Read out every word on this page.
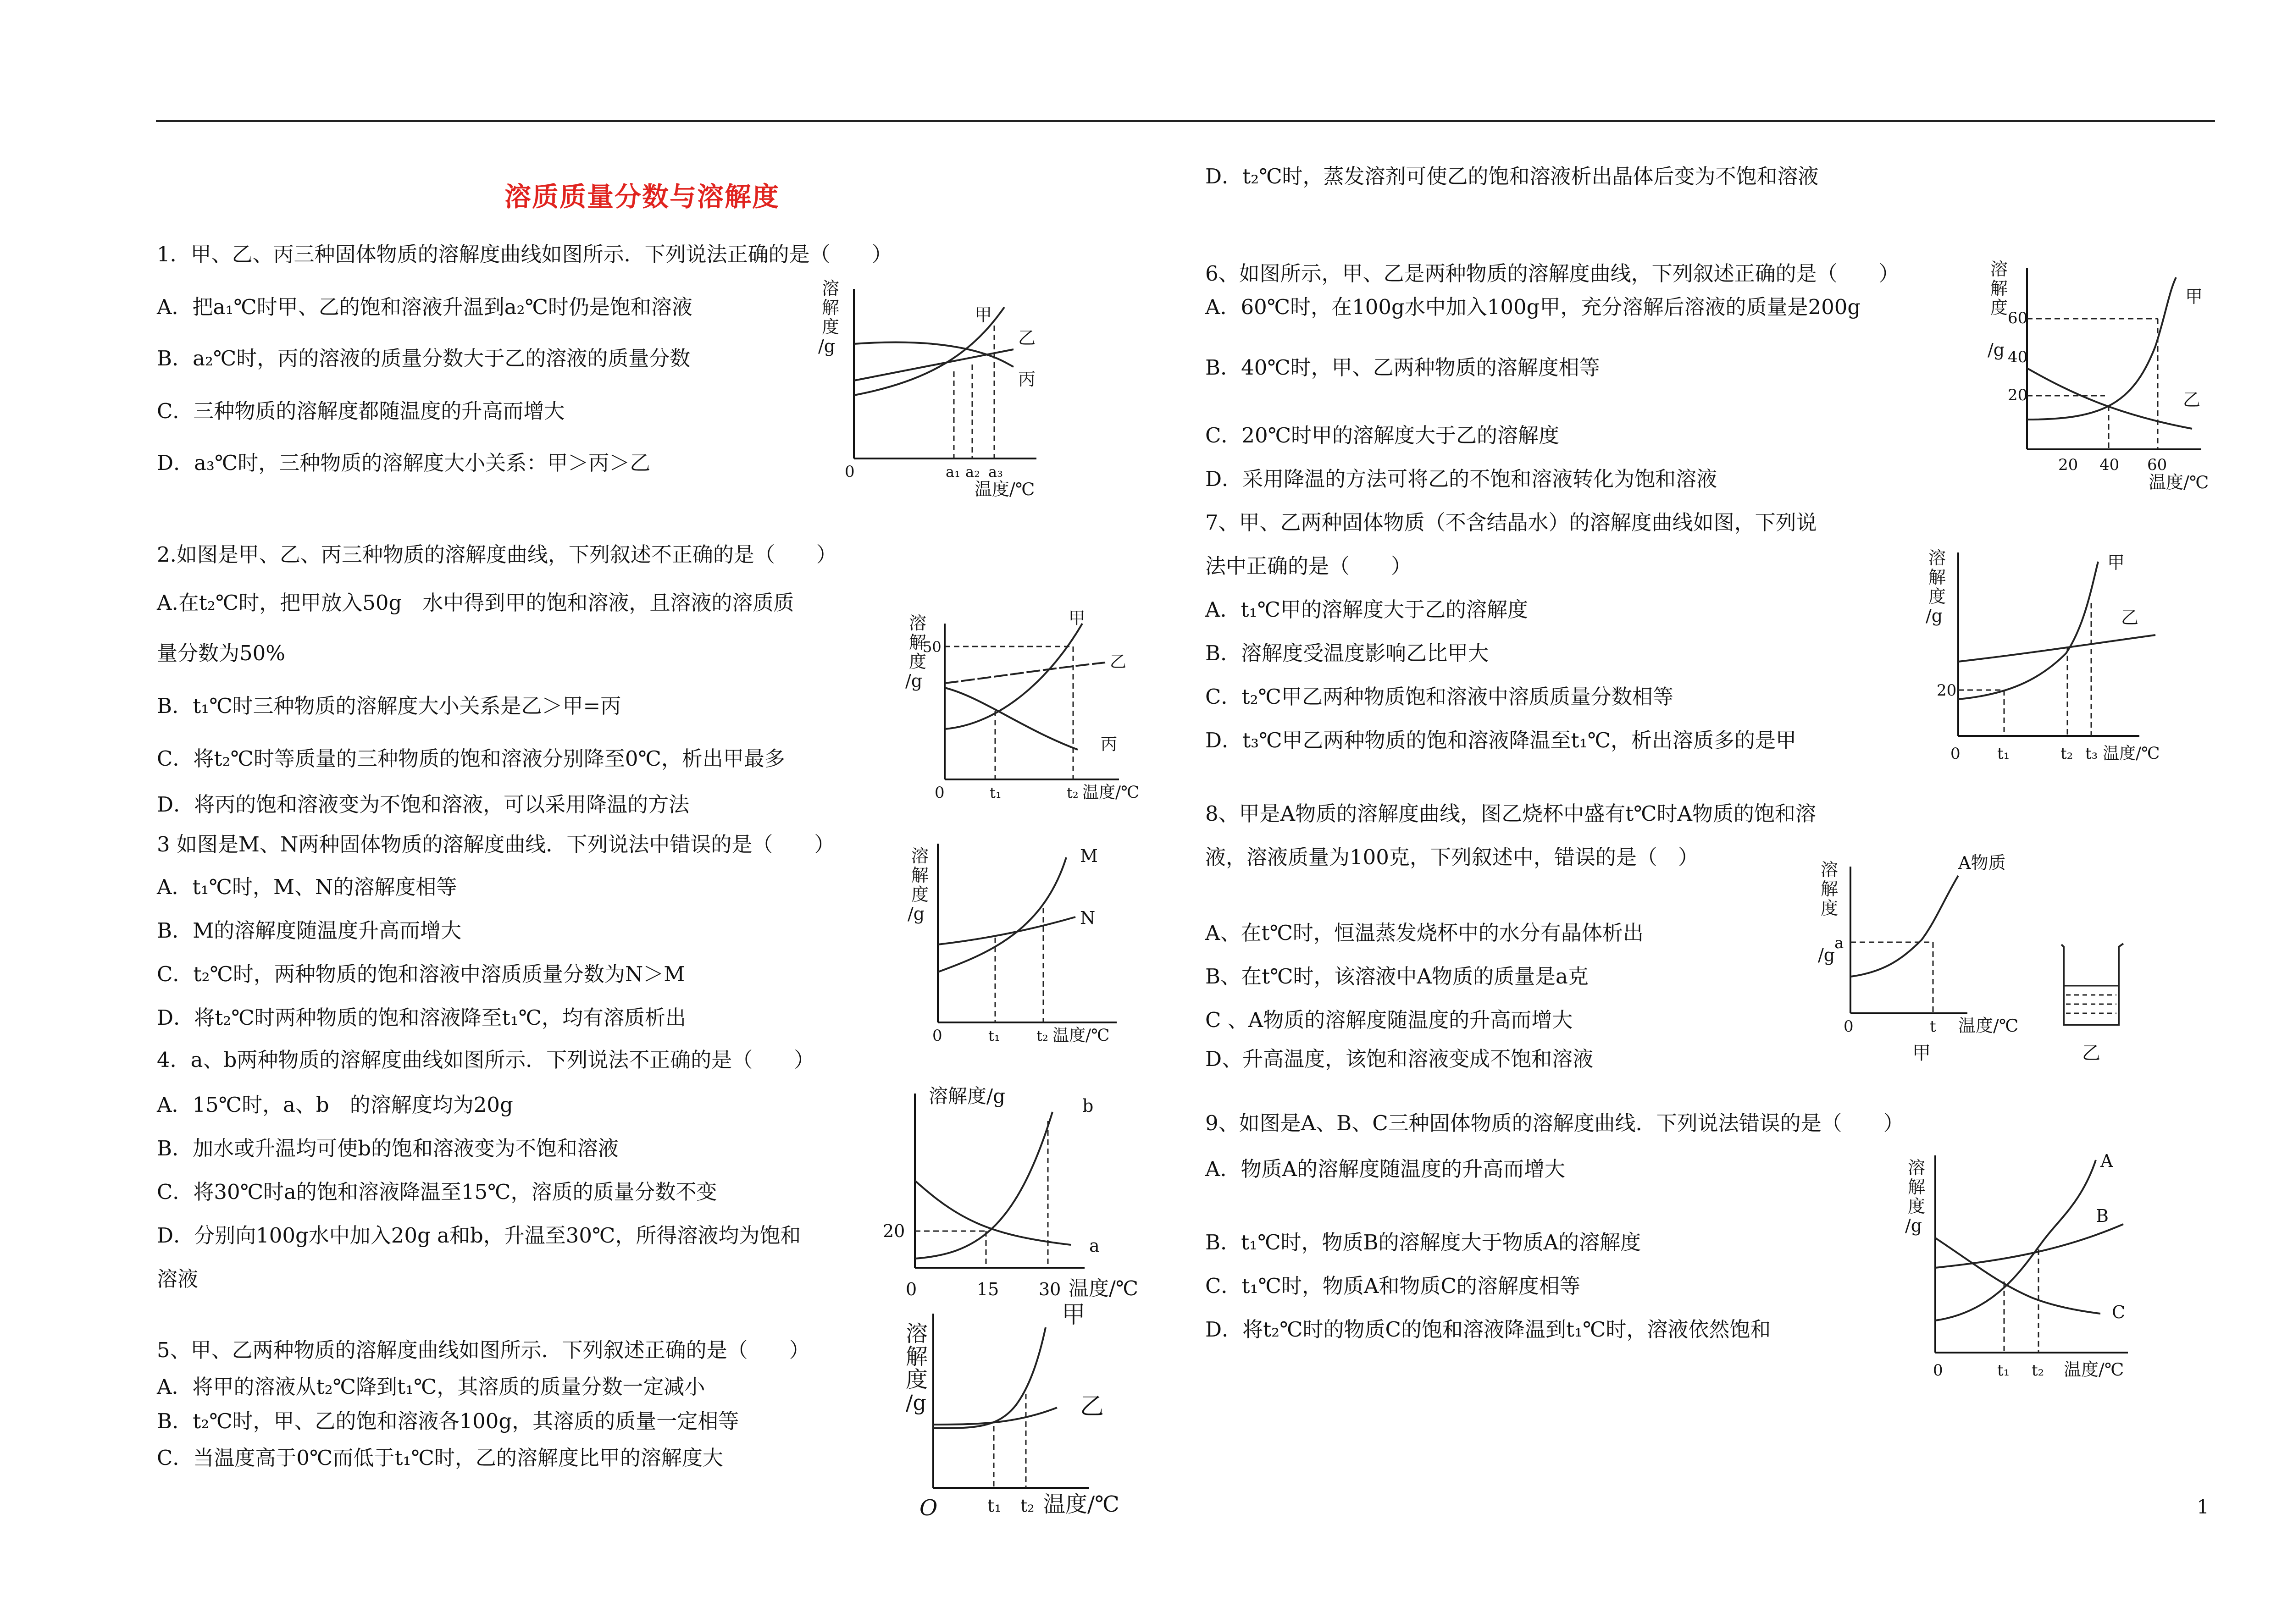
溶质质量分数与溶解度
1．甲、乙、丙三种固体物质的溶解度曲线如图所示．下列说法正确的是（　　）
A．把a₁℃时甲、乙的饱和溶液升温到a₂℃时仍是饱和溶液
B．a₂℃时，丙的溶液的质量分数大于乙的溶液的质量分数
C．三种物质的溶解度都随温度的升高而增大
D．a₃℃时，三种物质的溶解度大小关系：甲＞丙＞乙
2.如图是甲、乙、丙三种物质的溶解度曲线，下列叙述不正确的是（　　）
A.在t₂℃时，把甲放入50g　水中得到甲的饱和溶液，且溶液的溶质质
量分数为50%
B．t₁℃时三种物质的溶解度大小关系是乙＞甲=丙
C．将t₂℃时等质量的三种物质的饱和溶液分别降至0℃，析出甲最多
D．将丙的饱和溶液变为不饱和溶液，可以采用降温的方法
3 如图是M、N两种固体物质的溶解度曲线．下列说法中错误的是（　　）
A．t₁℃时，M、N的溶解度相等
B．M的溶解度随温度升高而增大
C．t₂℃时，两种物质的饱和溶液中溶质质量分数为N＞M
D．将t₂℃时两种物质的饱和溶液降至t₁℃，均有溶质析出
4．a、b两种物质的溶解度曲线如图所示．下列说法不正确的是（　　）
A．15℃时，a、b　的溶解度均为20g
B．加水或升温均可使b的饱和溶液变为不饱和溶液
C．将30℃时a的饱和溶液降温至15℃，溶质的质量分数不变
D．分别向100g水中加入20g a和b，升温至30℃，所得溶液均为饱和
溶液
5、甲、乙两种物质的溶解度曲线如图所示．下列叙述正确的是（　　）
A．将甲的溶液从t₂℃降到t₁℃，其溶质的质量分数一定减小
B．t₂℃时，甲、乙的饱和溶液各100g，其溶质的质量一定相等
C．当温度高于0℃而低于t₁℃时，乙的溶解度比甲的溶解度大
D．t₂℃时，蒸发溶剂可使乙的饱和溶液析出晶体后变为不饱和溶液
6、如图所示，甲、乙是两种物质的溶解度曲线，下列叙述正确的是（　　）
A．60℃时，在100g水中加入100g甲，充分溶解后溶液的质量是200g
B．40℃时，甲、乙两种物质的溶解度相等
C．20℃时甲的溶解度大于乙的溶解度
D．采用降温的方法可将乙的不饱和溶液转化为饱和溶液
7、甲、乙两种固体物质（不含结晶水）的溶解度曲线如图，下列说
法中正确的是（　　）
A．t₁℃甲的溶解度大于乙的溶解度
B．溶解度受温度影响乙比甲大
C．t₂℃甲乙两种物质饱和溶液中溶质质量分数相等
D．t₃℃甲乙两种物质的饱和溶液降温至t₁℃，析出溶质多的是甲
8、甲是A物质的溶解度曲线，图乙烧杯中盛有t℃时A物质的饱和溶
液，溶液质量为100克，下列叙述中，错误的是（　）
A、在t℃时，恒温蒸发烧杯中的水分有晶体析出
B、在t℃时，该溶液中A物质的质量是a克
C 、A物质的溶解度随温度的升高而增大
D、升高温度，该饱和溶液变成不饱和溶液
9、如图是A、B、C三种固体物质的溶解度曲线．下列说法错误的是（　　）
A．物质A的溶解度随温度的升高而增大
B．t₁℃时，物质B的溶解度大于物质A的溶解度
C．t₁℃时，物质A和物质C的溶解度相等
D．将t₂℃时的物质C的饱和溶液降温到t₁℃时，溶液依然饱和
1
溶
解
度
/g
0	a₁ a₂ a₃
温度/℃
甲
乙
丙
溶
解
度
/g
0
50
t₁	t₂ 温度/℃
甲
乙
丙
溶
解
度
/g
0	t₁ t₂ 温度/℃
M
N
溶解度/g
0
20
15 30 温度/℃
b
a
溶
解
度
/g
O	t₁ t₂ 温度/℃
甲
乙
溶
解
度
/g
60
40
20
20 40 60
温度/℃
甲
乙
溶
解
度
/g
0
20
t₁	t₂ t₃ 温度/℃
甲
乙
溶
解
度
/g
0
a
t 温度/℃
A物质
甲	乙
溶
解
度
/g
0	t₁ t₂ 温度/℃
A
B
C
